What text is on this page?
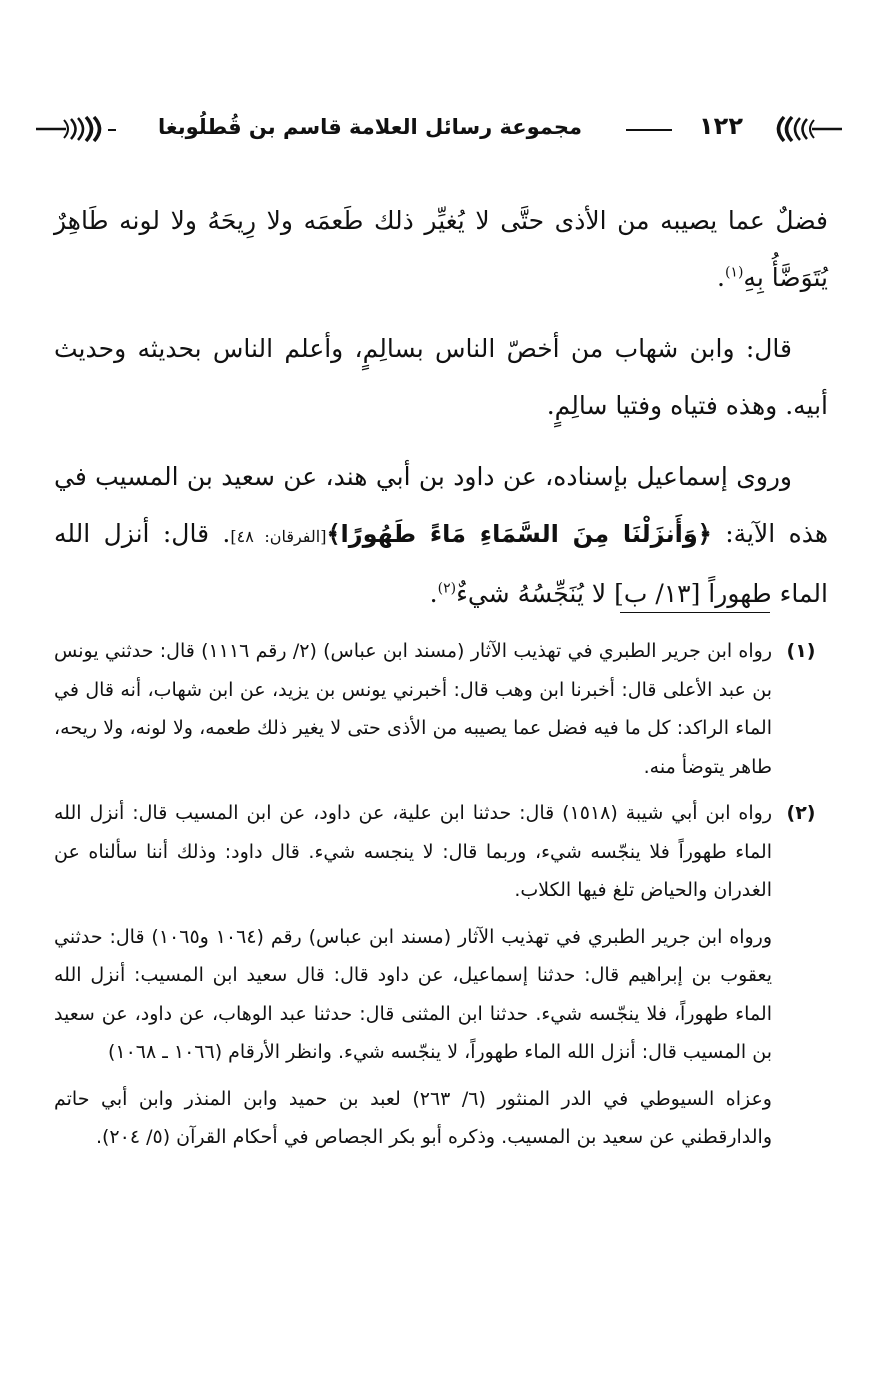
مجموعة رسائل العلامة قاسم بن قُطلُوبغا	١٢٢

فضلٌ عما يصيبه من الأذى حتَّى لا يُغيِّر ذلك طَعمَه ولا رِيحَهُ ولا لونه طَاهِرٌ يُتَوَضَّأُ بِهِ$^{(١)}$.

قال: وابن شهاب من أخصّ الناس بسالِمٍ، وأعلم الناس بحديثه وحديث أبيه. وهذه فتياه وفتيا سالِمٍ.

وروى إسماعيل بإسناده، عن داود بن أبي هند، عن سعيد بن المسيب في هذه الآية: ﴿وَأَنزَلْنَا مِنَ السَّمَاءِ مَاءً طَهُورًا﴾[الفرقان: ٤٨]. قال: أنزل الله الماء طهوراً [١٣/ ب] لا يُنَجِّسُهُ شيءٌ$^{(٢)}$.

(١)
رواه ابن جرير الطبري في تهذيب الآثار (مسند ابن عباس) (٢/ رقم ١١١٦) قال: حدثني يونس بن عبد الأعلى قال: أخبرنا ابن وهب قال: أخبرني يونس بن يزيد، عن ابن شهاب، أنه قال في الماء الراكد: كل ما فيه فضل عما يصيبه من الأذى حتى لا يغير ذلك طعمه، ولا لونه، ولا ريحه، طاهر يتوضأ منه.
(٢)
رواه ابن أبي شيبة (١٥١٨) قال: حدثنا ابن علية، عن داود، عن ابن المسيب قال: أنزل الله الماء طهوراً فلا ينجّسه شيء، وربما قال: لا ينجسه شيء. قال داود: وذلك أننا سألناه عن الغدران والحياض تلغ فيها الكلاب.
ورواه ابن جرير الطبري في تهذيب الآثار (مسند ابن عباس) رقم (١٠٦٤ و١٠٦٥) قال: حدثني يعقوب بن إبراهيم قال: حدثنا إسماعيل، عن داود قال: قال سعيد ابن المسيب: أنزل الله الماء طهوراً، فلا ينجّسه شيء. حدثنا ابن المثنى قال: حدثنا عبد الوهاب، عن داود، عن سعيد بن المسيب قال: أنزل الله الماء طهوراً، لا ينجّسه شيء. وانظر الأرقام (١٠٦٦ ـ ١٠٦٨)
وعزاه السيوطي في الدر المنثور (٦/ ٢٦٣) لعبد بن حميد وابن المنذر وابن أبي حاتم والدارقطني عن سعيد بن المسيب. وذكره أبو بكر الجصاص في أحكام القرآن (٥/ ٢٠٤).
